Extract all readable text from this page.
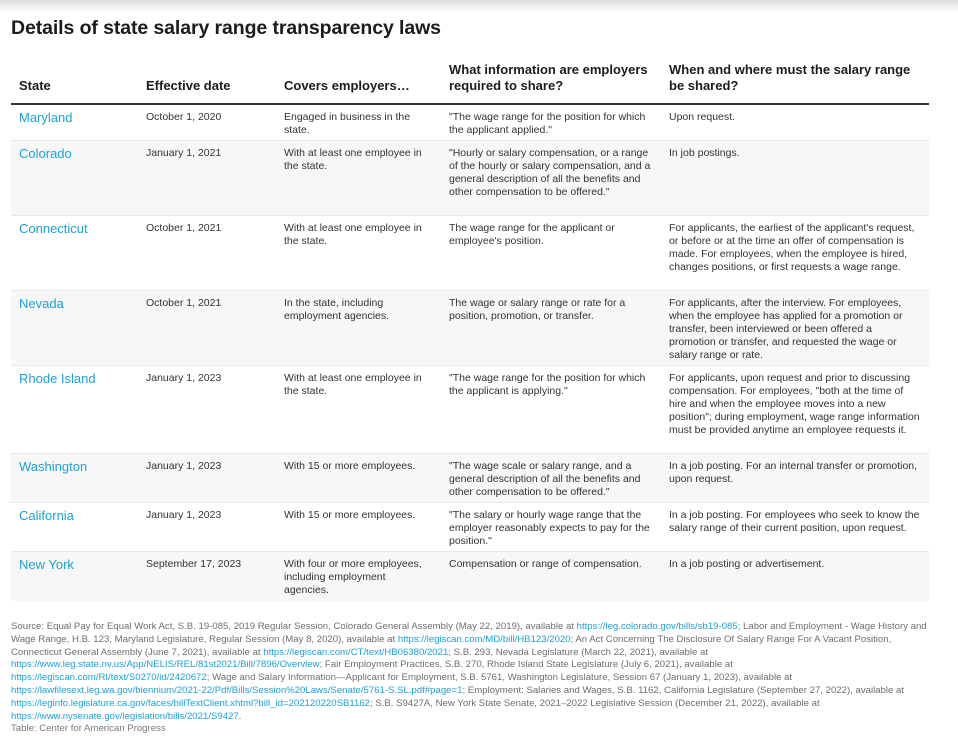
Details of state salary range transparency laws
State	Effective date	Covers employers…	What information are employers required to share?	When and where must the salary range be shared?
Maryland	October 1, 2020	Engaged in business in the state.	"The wage range for the position for which the applicant applied."	Upon request.
Colorado	January 1, 2021	With at least one employee in the state.	"Hourly or salary compensation, or a range of the hourly or salary compensation, and a general description of all the benefits and other compensation to be offered."	In job postings.
Connecticut	October 1, 2021	With at least one employee in the state.	The wage range for the applicant or employee's position.	For applicants, the earliest of the applicant's request, or before or at the time an offer of compensation is made. For employees, when the employee is hired, changes positions, or first requests a wage range.
Nevada	October 1, 2021	In the state, including employment agencies.	The wage or salary range or rate for a position, promotion, or transfer.	For applicants, after the interview. For employees, when the employee has applied for a promotion or transfer, been interviewed or been offered a promotion or transfer, and requested the wage or salary range or rate.
Rhode Island	January 1, 2023	With at least one employee in the state.	"The wage range for the position for which the applicant is applying."	For applicants, upon request and prior to discussing compensation. For employees, "both at the time of hire and when the employee moves into a new position"; during employment, wage range information must be provided anytime an employee requests it.
Washington	January 1, 2023	With 15 or more employees.	"The wage scale or salary range, and a general description of all the benefits and other compensation to be offered."	In a job posting. For an internal transfer or promotion, upon request.
California	January 1, 2023	With 15 or more employees.	"The salary or hourly wage range that the employer reasonably expects to pay for the position."	In a job posting. For employees who seek to know the salary range of their current position, upon request.
New York	September 17, 2023	With four or more employees, including employment agencies.	Compensation or range of compensation.	In a job posting or advertisement.
Source: Equal Pay for Equal Work Act, S.B. 19-085, 2019 Regular Session, Colorado General Assembly (May 22, 2019), available at https://leg.colorado.gov/bills/sb19-085; Labor and Employment - Wage History and Wage Range, H.B. 123, Maryland Legislature, Regular Session (May 8, 2020), available at https://legiscan.com/MD/bill/HB123/2020; An Act Concerning The Disclosure Of Salary Range For A Vacant Position, Connecticut General Assembly (June 7, 2021), available at https://legiscan.com/CT/text/HB06380/2021; S.B. 293, Nevada Legislature (March 22, 2021), available at https://www.leg.state.nv.us/App/NELIS/REL/81st2021/Bill/7896/Overview; Fair Employment Practices, S.B. 270, Rhode Island State Legislature (July 6, 2021), available at https://legiscan.com/RI/text/S0270/id/2420672; Wage and Salary Information—Applicant for Employment, S.B. 5761, Washington Legislature, Session 67 (January 1, 2023), available at https://lawfilesext.leg.wa.gov/biennium/2021-22/Pdf/Bills/Session%20Laws/Senate/5761-S.SL.pdf#page=1; Employment: Salaries and Wages, S.B. 1162, California Legislature (September 27, 2022), available at https://leginfo.legislature.ca.gov/faces/billTextClient.xhtml?bill_id=202120220SB1162; S.B. S9427A, New York State Senate, 2021–2022 Legislative Session (December 21, 2022), available at https://www.nysenate.gov/legislation/bills/2021/S9427.
Table: Center for American Progress
